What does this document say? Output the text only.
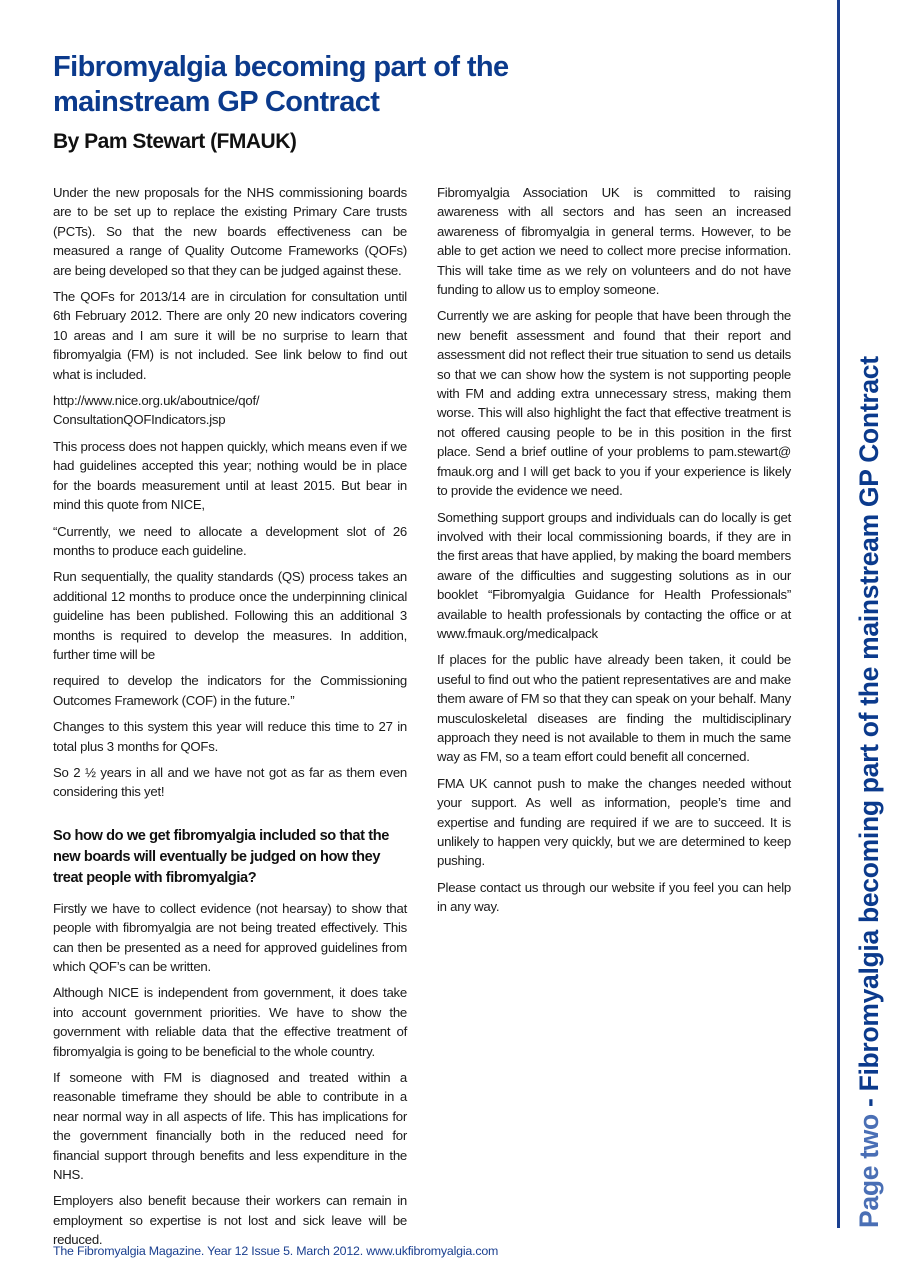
Fibromyalgia becoming part of the mainstream GP Contract
By Pam Stewart (FMAUK)

Under the new proposals for the NHS commissioning boards are to be set up to replace the existing Primary Care trusts (PCTs). So that the new boards effectiveness can be measured a range of Quality Outcome Frameworks (QOFs) are being developed so that they can be judged against these.

The QOFs for 2013/14 are in circulation for consultation until 6th February 2012. There are only 20 new indicators covering 10 areas and I am sure it will be no surprise to learn that fibromyalgia (FM) is not included. See link below to find out what is included.

http://www.nice.org.uk/aboutnice/qof/
ConsultationQOFIndicators.jsp

This process does not happen quickly, which means even if we had guidelines accepted this year; nothing would be in place for the boards measurement until at least 2015. But bear in mind this quote from NICE,

“Currently, we need to allocate a development slot of 26 months to produce each guideline.

Run sequentially, the quality standards (QS) process takes an additional 12 months to produce once the underpinning clinical guideline has been published. Following this an additional 3 months is required to develop the measures. In addition, further time will be

required to develop the indicators for the Commissioning Outcomes Framework (COF) in the future.”

Changes to this system this year will reduce this time to 27 in total plus 3 months for QOFs.

So 2 ½ years in all and we have not got as far as them even considering this yet!

So how do we get fibromyalgia included so that the new boards will eventually be judged on how they treat people with fibromyalgia?

Firstly we have to collect evidence (not hearsay) to show that people with fibromyalgia are not being treated effectively. This can then be presented as a need for approved guidelines from which QOF’s can be written.

Although NICE is independent from government, it does take into account government priorities. We have to show the government with reliable data that the effective treatment of fibromyalgia is going to be beneficial to the whole country.

If someone with FM is diagnosed and treated within a reasonable timeframe they should be able to contribute in a near normal way in all aspects of life. This has implications for the government financially both in the reduced need for financial support through benefits and less expenditure in the NHS.

Employers also benefit because their workers can remain in employment so expertise is not lost and sick leave will be reduced.

Fibromyalgia Association UK is committed to raising awareness with all sectors and has seen an increased awareness of fibromyalgia in general terms. However, to be able to get action we need to collect more precise information. This will take time as we rely on volunteers and do not have funding to allow us to employ someone.

Currently we are asking for people that have been through the new benefit assessment and found that their report and assessment did not reflect their true situation to send us details so that we can show how the system is not supporting people with FM and adding extra unnecessary stress, making them worse. This will also highlight the fact that effective treatment is not offered causing people to be in this position in the first place. Send a brief outline of your problems to pam.stewart@ fmauk.org and I will get back to you if your experience is likely to provide the evidence we need.

Something support groups and individuals can do locally is get involved with their local commissioning boards, if they are in the first areas that have applied, by making the board members aware of the difficulties and suggesting solutions as in our booklet “Fibromyalgia Guidance for Health Professionals” available to health professionals by contacting the office or at www.fmauk.org/medicalpack

If places for the public have already been taken, it could be useful to find out who the patient representatives are and make them aware of FM so that they can speak on your behalf. Many musculoskeletal diseases are finding the multidisciplinary approach they need is not available to them in much the same way as FM, so a team effort could benefit all concerned.

FMA UK cannot push to make the changes needed without your support. As well as information, people’s time and expertise and funding are required if we are to succeed. It is unlikely to happen very quickly, but we are determined to keep pushing.

Please contact us through our website if you feel you can help in any way.

Page two - Fibromyalgia becoming part of the mainstream GP Contract
The Fibromyalgia Magazine. Year 12 Issue 5. March 2012. www.ukfibromyalgia.com
